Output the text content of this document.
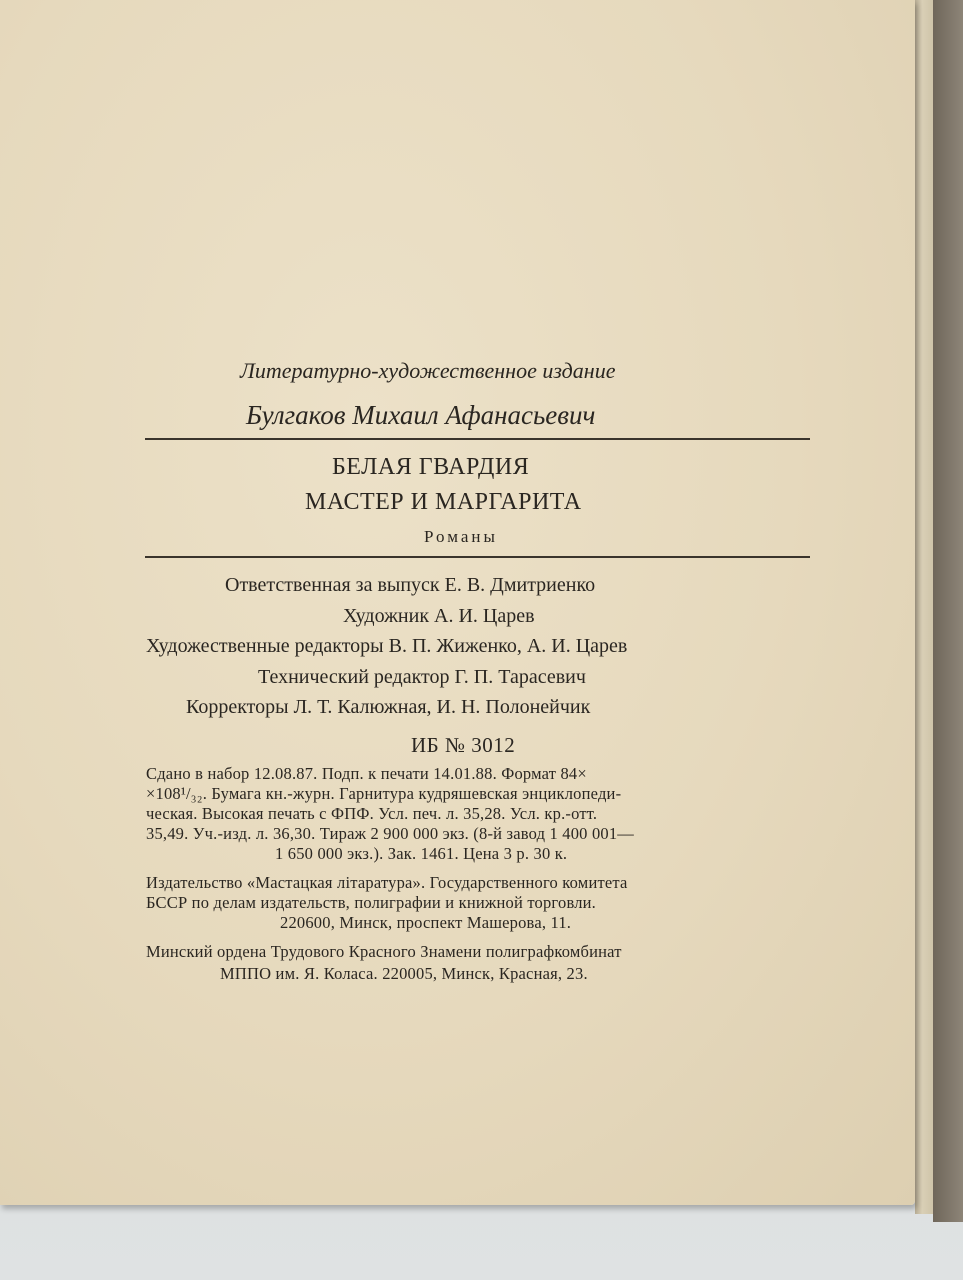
Литературно-художественное издание
Булгаков Михаил Афанасьевич
БЕЛАЯ ГВАРДИЯ
МАСТЕР И МАРГАРИТА
Романы
Ответственная за выпуск Е. В. Дмитриенко
Художник А. И. Царев
Художественные редакторы В. П. Жиженко, А. И. Царев
Технический редактор Г. П. Тарасевич
Корректоры Л. Т. Калюжная, И. Н. Полонейчик
ИБ № 3012
Сдано в набор 12.08.87. Подп. к печати 14.01.88. Формат 84×
×108¹/₃₂. Бумага кн.-журн. Гарнитура кудряшевская энциклопеди-
ческая. Высокая печать с ФПФ. Усл. печ. л. 35,28. Усл. кр.-отт.
35,49. Уч.-изд. л. 36,30. Тираж 2 900 000 экз. (8-й завод 1 400 001—
1 650 000 экз.). Зак. 1461. Цена 3 р. 30 к.
Издательство «Мастацкая літаратура». Государственного комитета
БССР по делам издательств, полиграфии и книжной торговли.
220600, Минск, проспект Машерова, 11.
Минский ордена Трудового Красного Знамени полиграфкомбинат
МППО им. Я. Коласа. 220005, Минск, Красная, 23.
